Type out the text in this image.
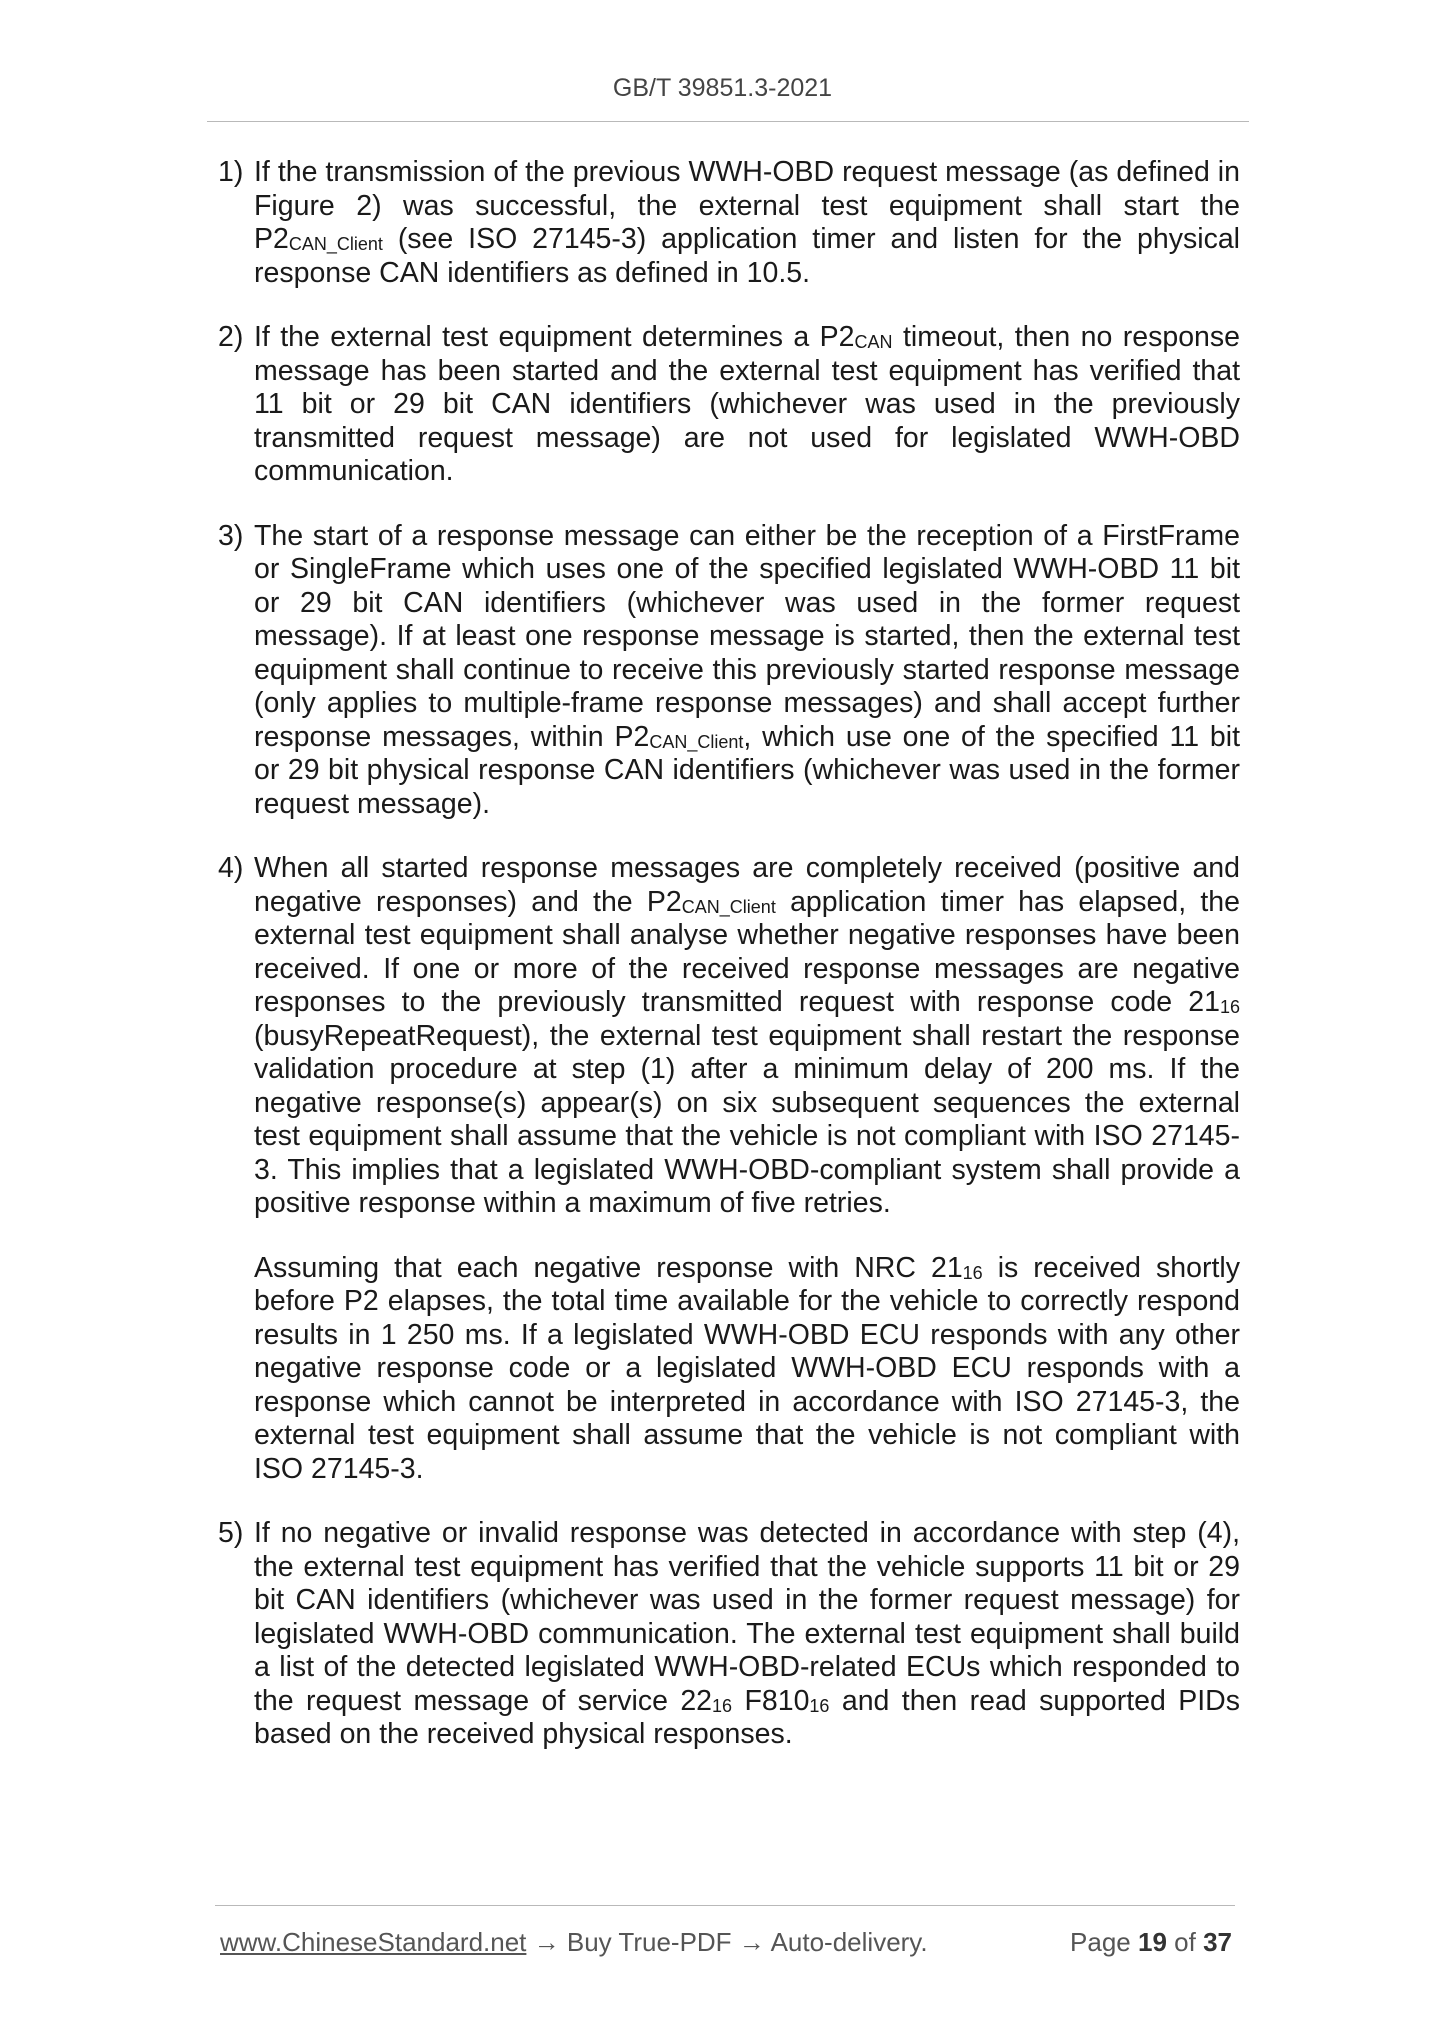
GB/T 39851.3-2021
1) If the transmission of the previous WWH-OBD request message (as defined in Figure 2) was successful, the external test equipment shall start the $P2_{CAN\_Client}$ (see ISO 27145-3) application timer and listen for the physical response CAN identifiers as defined in 10.5.

2) If the external test equipment determines a $P2_{CAN}$ timeout, then no response message has been started and the external test equipment has verified that 11 bit or 29 bit CAN identifiers (whichever was used in the previously transmitted request message) are not used for legislated WWH-OBD communication.

3) The start of a response message can either be the reception of a FirstFrame or SingleFrame which uses one of the specified legislated WWH-OBD 11 bit or 29 bit CAN identifiers (whichever was used in the former request message). If at least one response message is started, then the external test equipment shall continue to receive this previously started response message (only applies to multiple-frame response messages) and shall accept further response messages, within $P2_{CAN\_Client}$, which use one of the specified 11 bit or 29 bit physical response CAN identifiers (whichever was used in the former request message).

4) When all started response messages are completely received (positive and negative responses) and the $P2_{CAN\_Client}$ application timer has elapsed, the external test equipment shall analyse whether negative responses have been received. If one or more of the received response messages are negative responses to the previously transmitted request with response code $21_{16}$ (busyRepeatRequest), the external test equipment shall restart the response validation procedure at step (1) after a minimum delay of 200 ms. If the negative response(s) appear(s) on six subsequent sequences the external test equipment shall assume that the vehicle is not compliant with ISO 27145-3. This implies that a legislated WWH-OBD-compliant system shall provide a positive response within a maximum of five retries.

Assuming that each negative response with NRC $21_{16}$ is received shortly before P2 elapses, the total time available for the vehicle to correctly respond results in 1 250 ms. If a legislated WWH-OBD ECU responds with any other negative response code or a legislated WWH-OBD ECU responds with a response which cannot be interpreted in accordance with ISO 27145-3, the external test equipment shall assume that the vehicle is not compliant with ISO 27145-3.

5) If no negative or invalid response was detected in accordance with step (4), the external test equipment has verified that the vehicle supports 11 bit or 29 bit CAN identifiers (whichever was used in the former request message) for legislated WWH-OBD communication. The external test equipment shall build a list of the detected legislated WWH‐OBD-related ECUs which responded to the request message of service $22_{16}$ $F810_{16}$ and then read supported PIDs based on the received physical responses.

www.ChineseStandard.net → Buy True-PDF → Auto-delivery.	Page 19 of 37
